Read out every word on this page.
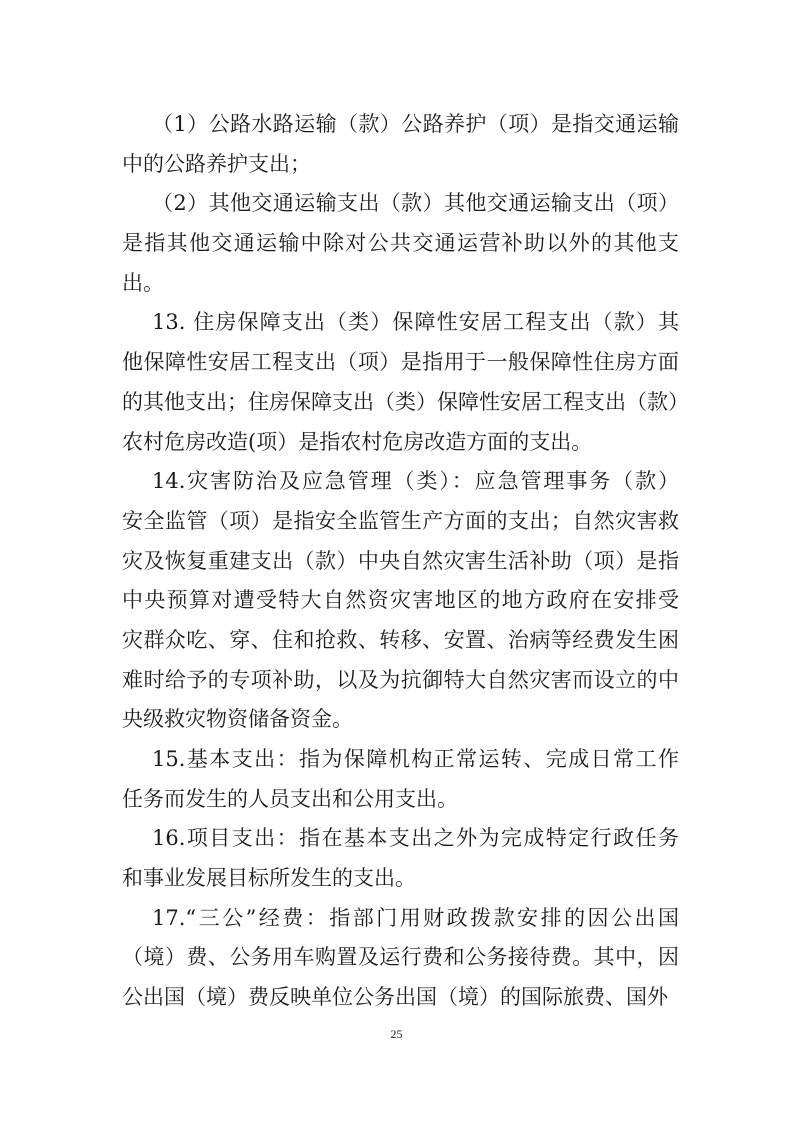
（1）公路水路运输（款）公路养护（项）是指交通运输
中的公路养护支出；
（2）其他交通运输支出（款）其他交通运输支出（项）
是指其他交通运输中除对公共交通运营补助以外的其他支
出。
13. 住房保障支出（类）保障性安居工程支出（款）其
他保障性安居工程支出（项）是指用于一般保障性住房方面
的其他支出；住房保障支出（类）保障性安居工程支出（款）
农村危房改造(项）是指农村危房改造方面的支出。
14.灾害防治及应急管理（类）：应急管理事务（款）
安全监管（项）是指安全监管生产方面的支出；自然灾害救
灾及恢复重建支出（款）中央自然灾害生活补助（项）是指
中央预算对遭受特大自然资灾害地区的地方政府在安排受
灾群众吃、穿、住和抢救、转移、安置、治病等经费发生困
难时给予的专项补助，以及为抗御特大自然灾害而设立的中
央级救灾物资储备资金。
15.基本支出：指为保障机构正常运转、完成日常工作
任务而发生的人员支出和公用支出。
16.项目支出：指在基本支出之外为完成特定行政任务
和事业发展目标所发生的支出。
17.“三公”经费：指部门用财政拨款安排的因公出国
（境）费、公务用车购置及运行费和公务接待费。其中，因
公出国（境）费反映单位公务出国（境）的国际旅费、国外
25
